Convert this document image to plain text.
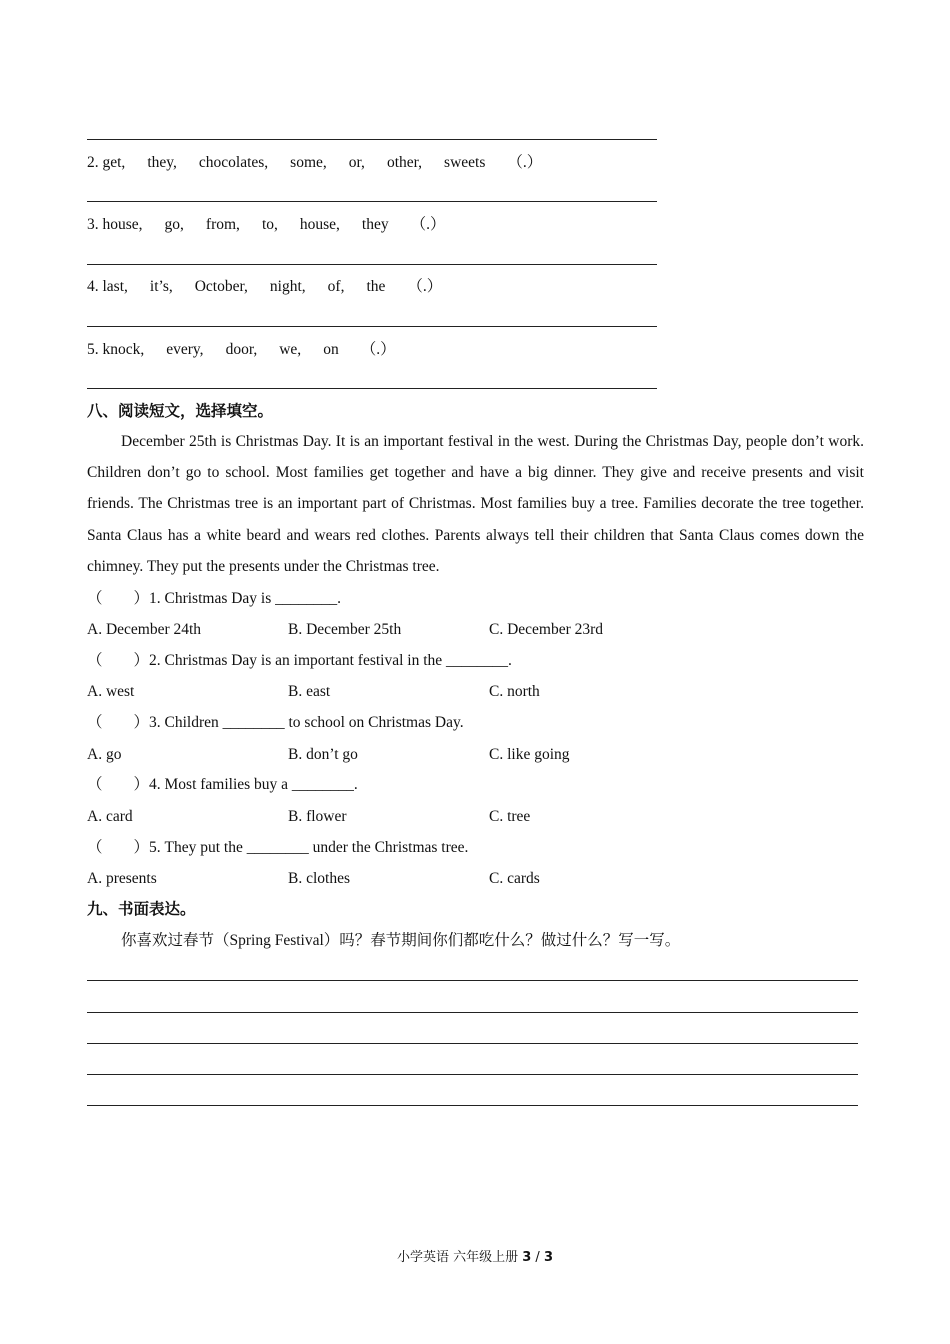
2. get, they, chocolates, some, or, other, sweets （.）
3. house, go, from, to, house, they （.）
4. last, it’s, October, night, of, the （.）
5. knock, every, door, we, on （.）
八、阅读短文，选择填空。

December 25th is Christmas Day. It is an important festival in the west. During the Christmas Day, people don’t work. Children don’t go to school. Most families get together and have a big dinner. They give and receive presents and visit friends. The Christmas tree is an important part of Christmas. Most families buy a tree. Families decorate the tree together. Santa Claus has a white beard and wears red clothes. Parents always tell their children that Santa Claus comes down the chimney. They put the presents under the Christmas tree.

（　　）1. Christmas Day is ________.
A. December 24th	B. December 25th	C. December 23rd
（　　）2. Christmas Day is an important festival in the ________.
A. west	B. east	C. north
（　　）3. Children ________ to school on Christmas Day.
A. go	B. don’t go	C. like going
（　　）4. Most families buy a ________.
A. card	B. flower	C. tree
（　　）5. They put the ________ under the Christmas tree.
A. presents	B. clothes	C. cards
九、书面表达。
你喜欢过春节（Spring Festival）吗？春节期间你们都吃什么？做过什么？写一写。
小学英语 六年级上册 3 / 3
